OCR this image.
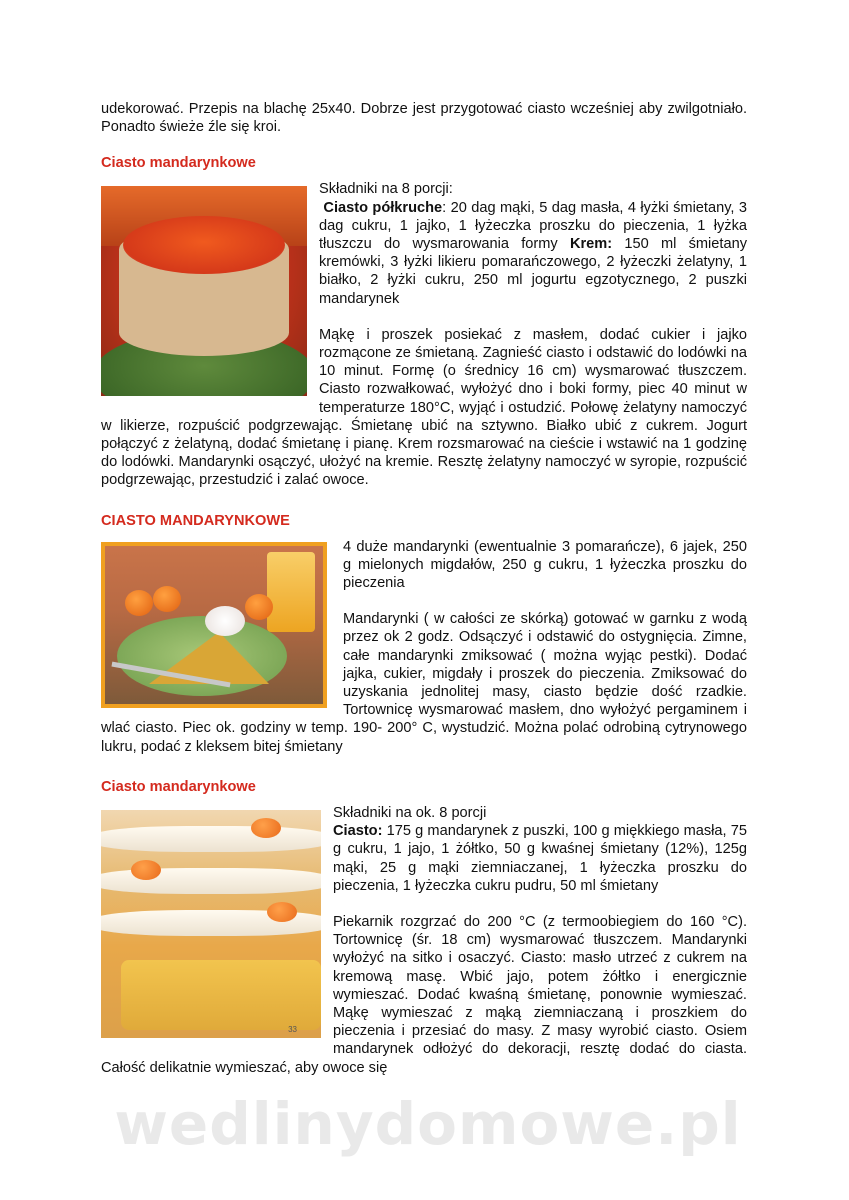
udekorować. Przepis na blachę 25x40. Dobrze jest przygotować ciasto wcześniej aby zwilgotniało. Ponadto świeże źle się kroi.

Ciasto mandarynkowe

Składniki na 8 porcji:

Ciasto półkruche: 20 dag mąki, 5 dag masła, 4 łyżki śmietany, 3 dag cukru, 1 jajko, 1 łyżeczka proszku do pieczenia, 1 łyżka tłuszczu do wysmarowania formy Krem: 150 ml śmietany kremówki, 3 łyżki likieru pomarańczowego, 2 łyżeczki żelatyny, 1 białko, 2 łyżki cukru, 250 ml jogurtu egzotycznego, 2 puszki mandarynek

Mąkę i proszek posiekać z masłem, dodać cukier i jajko rozmącone ze śmietaną. Zagnieść ciasto i odstawić do lodówki na 10 minut. Formę (o średnicy 16 cm) wysmarować tłuszczem. Ciasto rozwałkować, wyłożyć dno i boki formy, piec 40 minut w temperaturze 180°C, wyjąć i ostudzić. Połowę żelatyny namoczyć w likierze, rozpuścić podgrzewając. Śmietanę ubić na sztywno. Białko ubić z cukrem. Jogurt połączyć z żelatyną, dodać śmietanę i pianę. Krem rozsmarować na cieście i wstawić na 1 godzinę do lodówki. Mandarynki osączyć, ułożyć na kremie. Resztę żelatyny namoczyć w syropie, rozpuścić podgrzewając, przestudzić i zalać owoce.

CIASTO MANDARYNKOWE

4 duże mandarynki (ewentualnie 3 pomarańcze), 6 jajek, 250 g mielonych migdałów, 250 g cukru, 1 łyżeczka proszku do pieczenia

Mandarynki ( w całości ze skórką) gotować w garnku z wodą przez ok 2 godz. Odsączyć i odstawić do ostygnięcia. Zimne, całe mandarynki zmiksować ( można wyjąc pestki). Dodać jajka, cukier, migdały i proszek do pieczenia. Zmiksować do uzyskania jednolitej masy, ciasto będzie dość rzadkie. Tortownicę wysmarować masłem, dno wyłożyć pergaminem i wlać ciasto. Piec ok. godziny w temp. 190- 200° C, wystudzić. Można polać odrobiną cytrynowego lukru, podać z kleksem bitej śmietany

Ciasto mandarynkowe
33

Składniki na ok. 8 porcji

Ciasto: 175 g mandarynek z puszki, 100 g miękkiego masła, 75 g cukru, 1 jajo, 1 żółtko, 50 g kwaśnej śmietany (12%), 125g mąki, 25 g mąki ziemniaczanej, 1 łyżeczka proszku do pieczenia, 1 łyżeczka cukru pudru, 50 ml śmietany

Piekarnik rozgrzać do 200 °C (z termoobiegiem do 160 °C). Tortownicę (śr. 18 cm) wysmarować tłuszczem. Mandarynki wyłożyć na sitko i osaczyć. Ciasto: masło utrzeć z cukrem na kremową masę. Wbić jajo, potem żółtko i energicznie wymieszać. Dodać kwaśną śmietanę, ponownie wymieszać. Mąkę wymieszać z mąką ziemniaczaną i proszkiem do pieczenia i przesiać do masy. Z masy wyrobić ciasto. Osiem mandarynek odłożyć do dekoracji, resztę dodać do ciasta. Całość delikatnie wymieszać, aby owoce się

wedlinydomowe.pl
